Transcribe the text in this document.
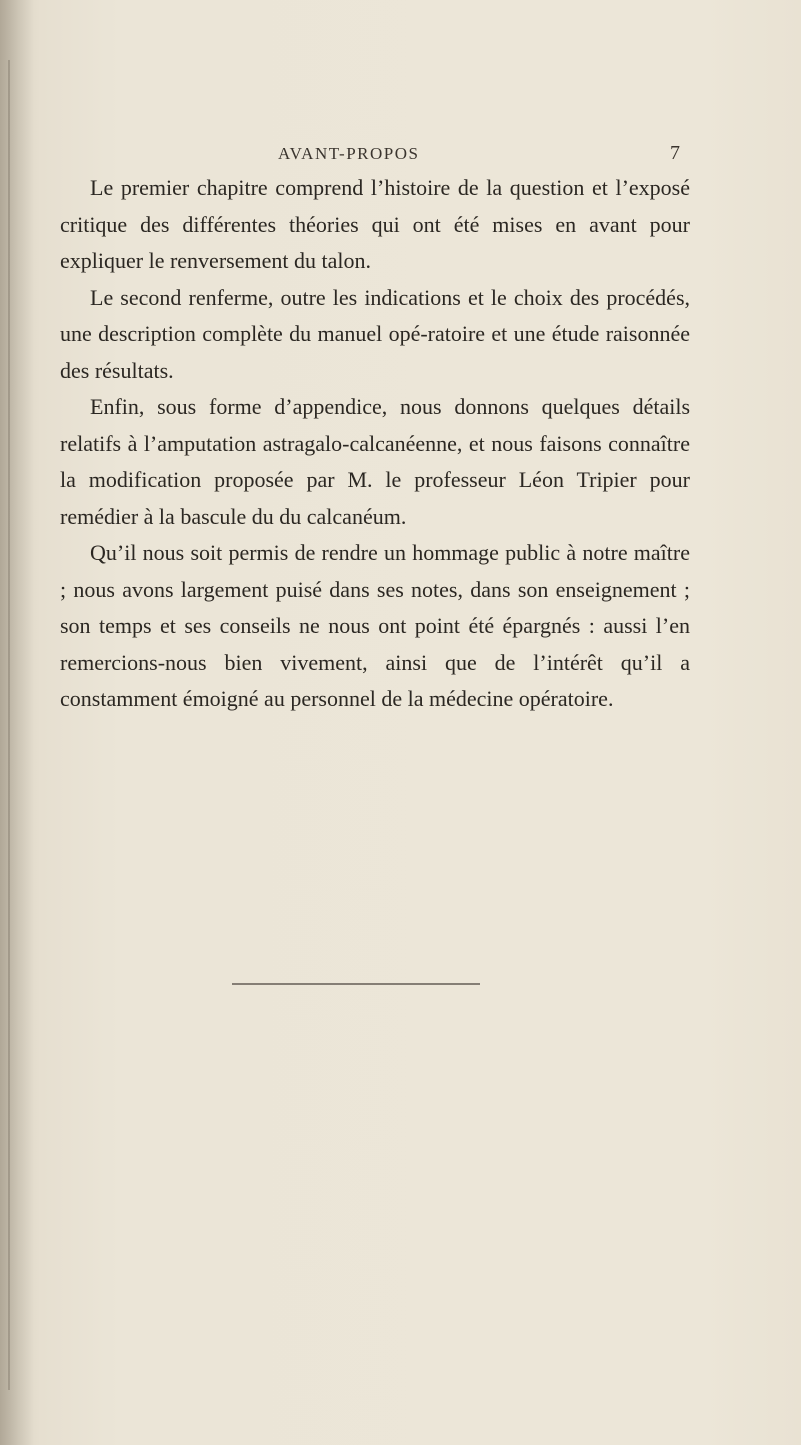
AVANT-PROPOS	7

Le premier chapitre comprend l’histoire de la question et l’exposé critique des différentes théories qui ont été mises en avant pour expliquer le renversement du talon.

Le second renferme, outre les indications et le choix des procédés, une description complète du manuel opé-ratoire et une étude raisonnée des résultats.

Enfin, sous forme d’appendice, nous donnons quelques détails relatifs à l’amputation astragalo-calcanéenne, et nous faisons connaître la modification proposée par M. le professeur Léon Tripier pour remédier à la bascule du du calcanéum.

Qu’il nous soit permis de rendre un hommage public à notre maître ; nous avons largement puisé dans ses notes, dans son enseignement ; son temps et ses conseils ne nous ont point été épargnés : aussi l’en remercions-nous bien vivement, ainsi que de l’intérêt qu’il a constamment émoigné au personnel de la médecine opératoire.
